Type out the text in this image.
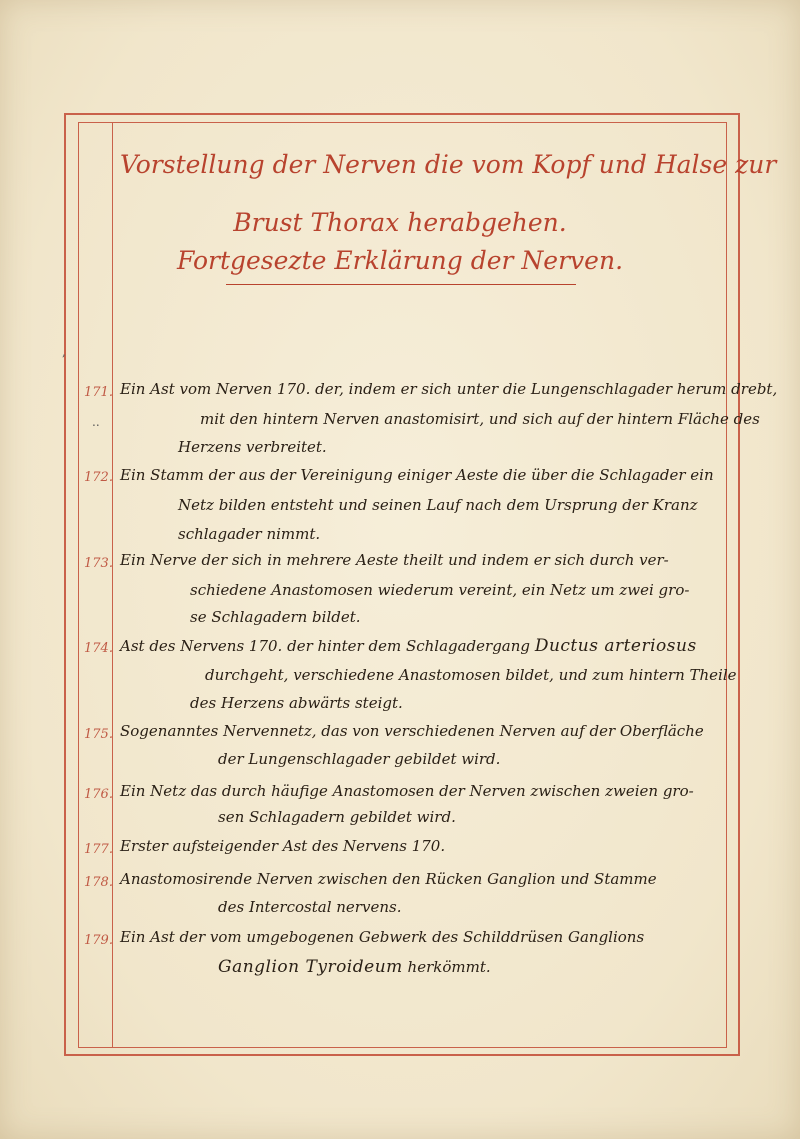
Vorstellung der Nerven die vom Kopf und Halse zur
Brust Thorax herabgehen.
Fortgesezte Erklärung der Nerven.
,
..
171. Ein Ast vom Nerven 170. der, indem er sich unter die Lungenschlagader herum drebt,
mit den hintern Nerven anastomisirt, und sich auf der hintern Fläche des
Herzens verbreitet.
172. Ein Stamm der aus der Vereinigung einiger Aeste die über die Schlagader ein
Netz bilden entsteht und seinen Lauf nach dem Ursprung der Kranz
schlagader nimmt.
173. Ein Nerve der sich in mehrere Aeste theilt und indem er sich durch ver-
schiedene Anastomosen wiederum vereint, ein Netz um zwei gro-
se Schlagadern bildet.
174. Ast des Nervens 170. der hinter dem Schlagadergang Ductus arteriosus
durchgeht, verschiedene Anastomosen bildet, und zum hintern Theile
des Herzens abwärts steigt.
175. Sogenanntes Nervennetz, das von verschiedenen Nerven auf der Oberfläche
der Lungenschlagader gebildet wird.
176. Ein Netz das durch häufige Anastomosen der Nerven zwischen zweien gro-
sen Schlagadern gebildet wird.
177. Erster aufsteigender Ast des Nervens 170.
178. Anastomosirende Nerven zwischen den Rücken Ganglion und Stamme
des Intercostal nervens.
179. Ein Ast der vom umgebogenen Gebwerk des Schilddrüsen Ganglions
Ganglion Tyroideum herkömmt.
